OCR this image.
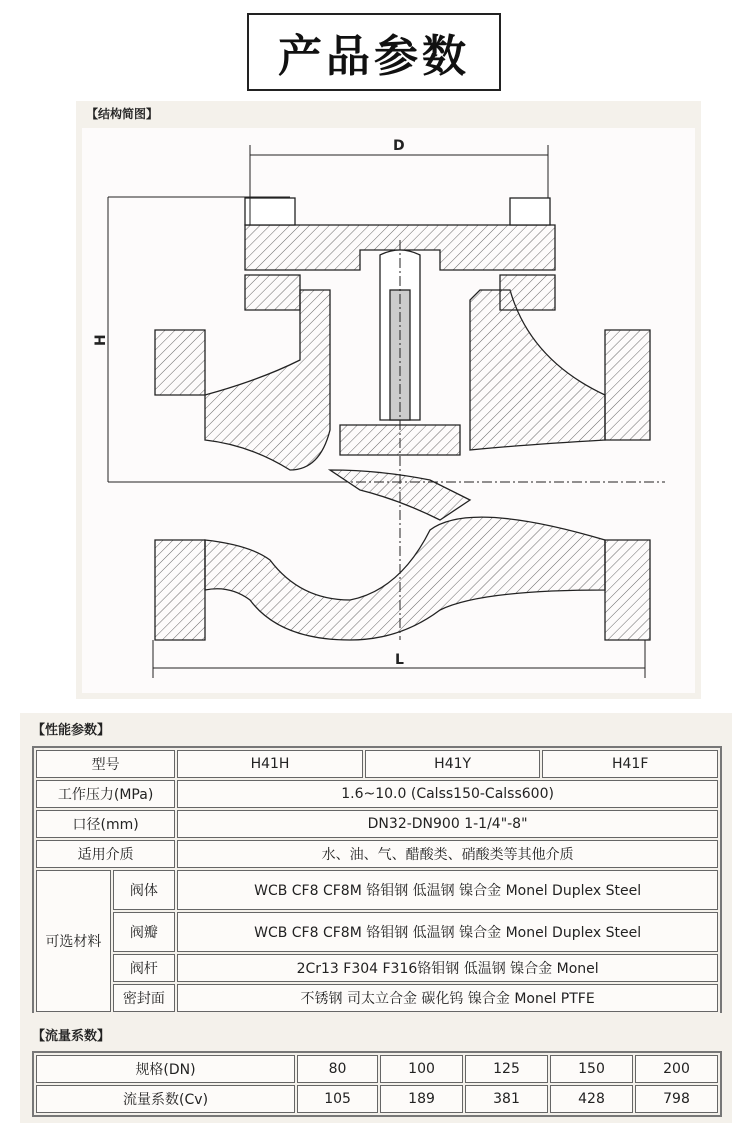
产品参数
【结构简图】
D
H
L
【性能参数】
型号		H41H	H41Y	H41F
工作压力(MPa)		1.6~10.0 (Calss150-Calss600)		
口径(mm)		DN32-DN900 1-1/4"-8"		
适用介质		水、油、气、醋酸类、硝酸类等其他介质		
可选材料	阀体	WCB CF8 CF8M 铬钼钢 低温钢 镍合金 Monel Duplex Steel		
	阀瓣	WCB CF8 CF8M 铬钼钢 低温钢 镍合金 Monel Duplex Steel		
	阀杆	2Cr13 F304 F316铬钼钢 低温钢 镍合金 Monel		
	密封面	不锈钢 司太立合金 碳化钨 镍合金 Monel PTFE		
【流量系数】
规格(DN)	80	100	125	150	200
流量系数(Cv)	105	189	381	428	798
